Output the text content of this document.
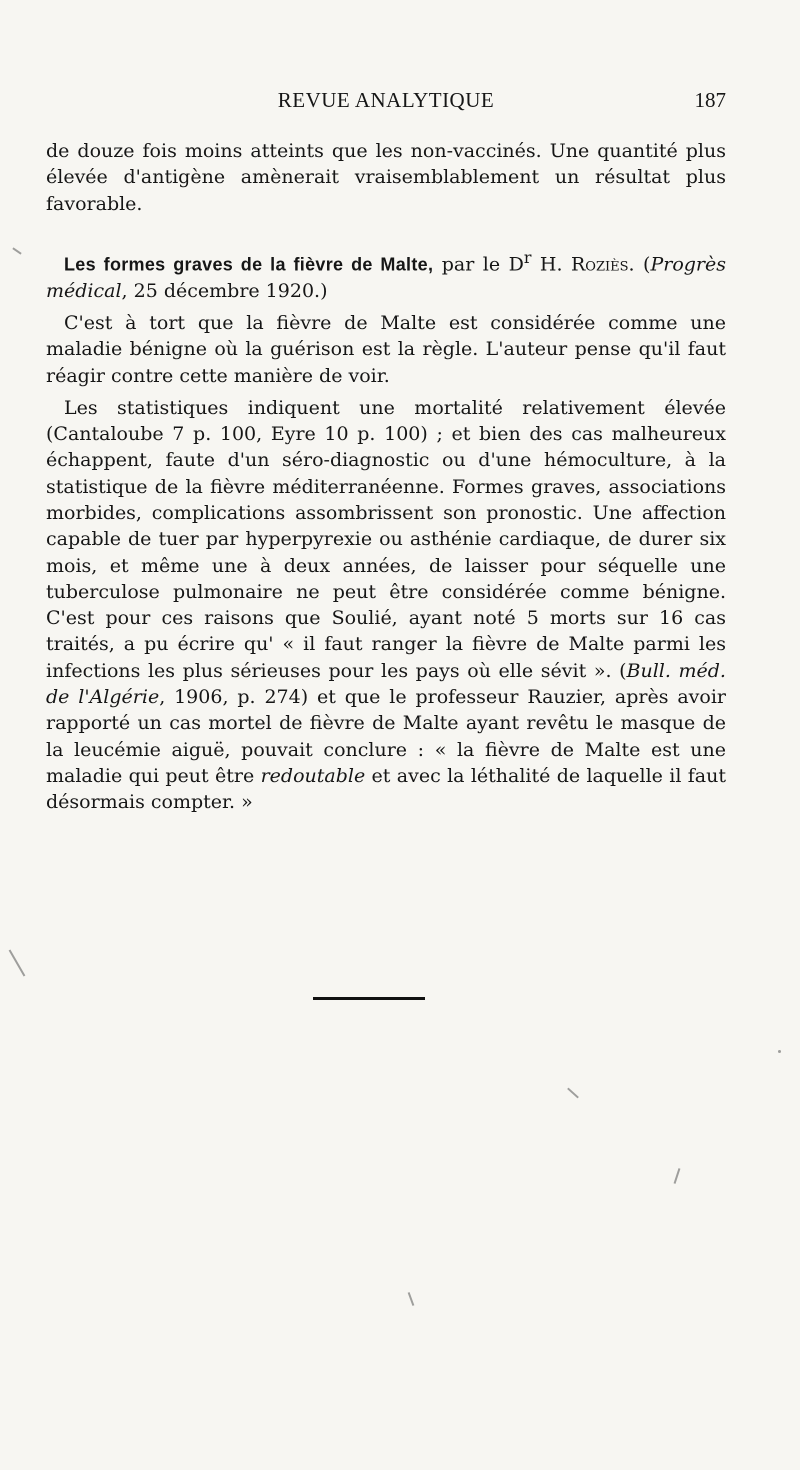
REVUE ANALYTIQUE	187

de douze fois moins atteints que les non-vaccinés. Une quantité plus élevée d'antigène amènerait vraisemblablement un résultat plus favorable.

Les formes graves de la fièvre de Malte, par le $D^r$ H. Roziès. (Progrès médical, 25 décembre 1920.)

C'est à tort que la fièvre de Malte est considérée comme une maladie bénigne où la guérison est la règle. L'auteur pense qu'il faut réagir contre cette manière de voir.

Les statistiques indiquent une mortalité relativement élevée (Cantaloube 7 p. 100, Eyre 10 p. 100) ; et bien des cas malheureux échappent, faute d'un séro-diagnostic ou d'une hémoculture, à la statistique de la fièvre méditerranéenne. Formes graves, associations morbides, complications assombrissent son pronostic. Une affection capable de tuer par hyperpyrexie ou asthénie cardiaque, de durer six mois, et même une à deux années, de laisser pour séquelle une tuberculose pulmonaire ne peut être considérée comme bénigne. C'est pour ces raisons que Soulié, ayant noté 5 morts sur 16 cas traités, a pu écrire qu' « il faut ranger la fièvre de Malte parmi les infections les plus sérieuses pour les pays où elle sévit ». (Bull. méd. de l'Algérie, 1906, p. 274) et que le professeur Rauzier, après avoir rapporté un cas mortel de fièvre de Malte ayant revêtu le masque de la leucémie aiguë, pouvait conclure : « la fièvre de Malte est une maladie qui peut être redoutable et avec la léthalité de laquelle il faut désormais compter. »
